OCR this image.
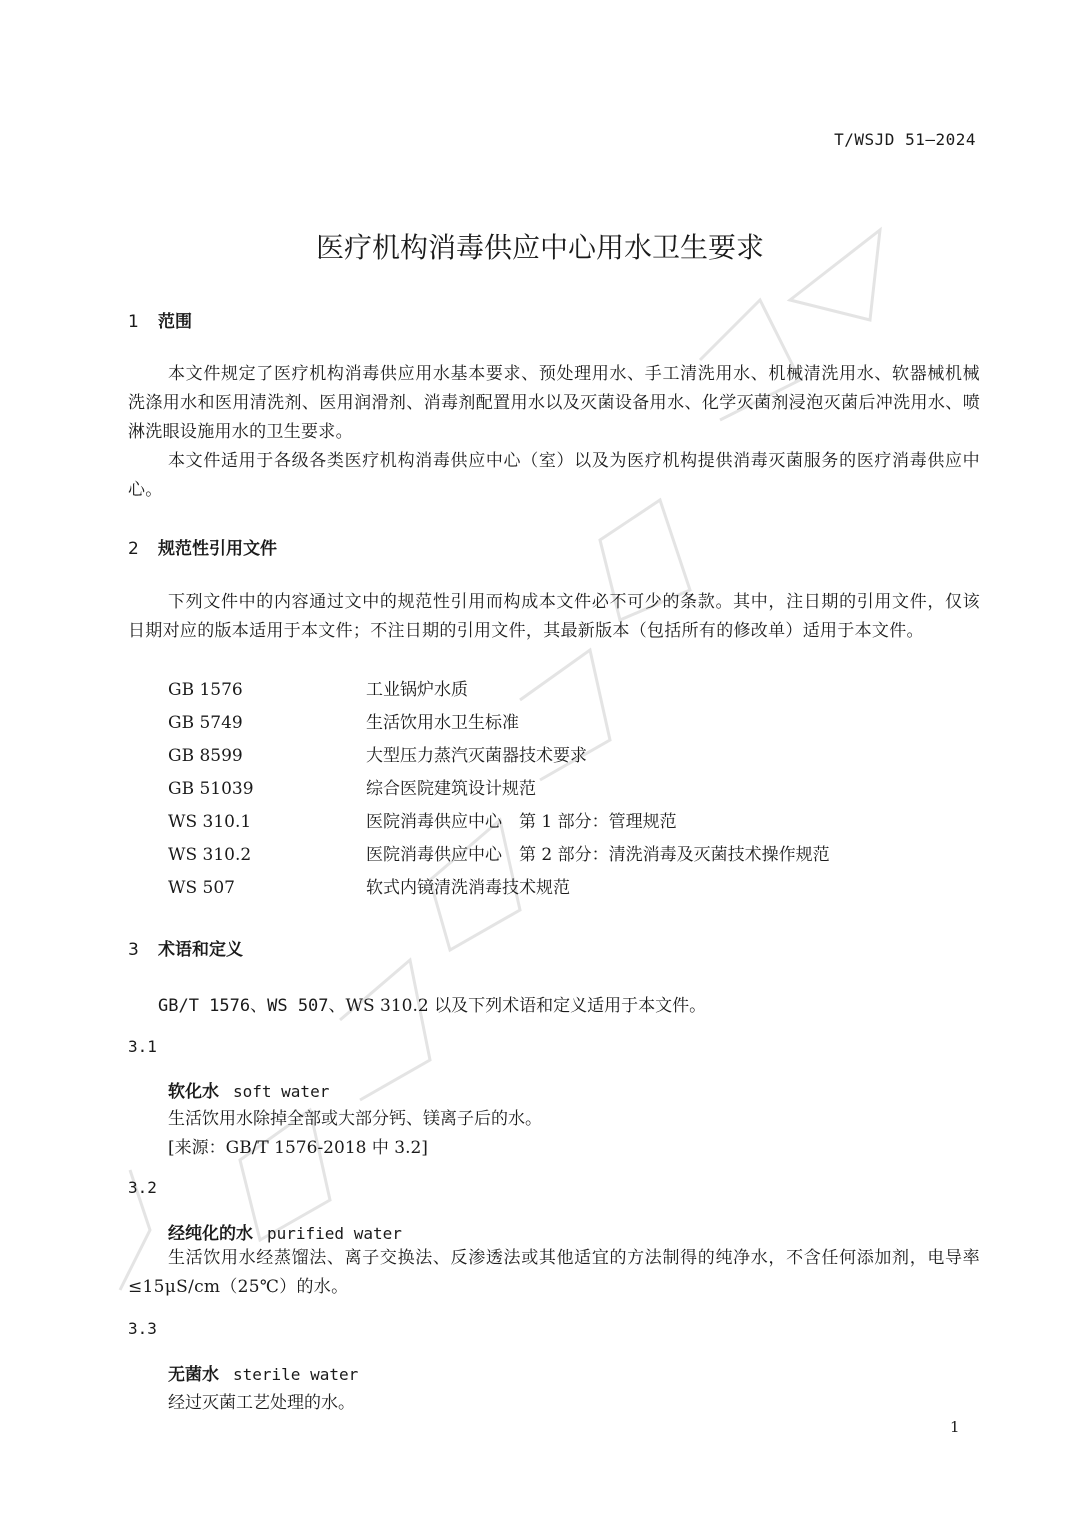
T/WSJD 51—2024
医疗机构消毒供应中心用水卫生要求
1 范围
本文件规定了医疗机构消毒供应用水基本要求、预处理用水、手工清洗用水、机械清洗用水、软器械机械洗涤用水和医用清洗剂、医用润滑剂、消毒剂配置用水以及灭菌设备用水、化学灭菌剂浸泡灭菌后冲洗用水、喷淋洗眼设施用水的卫生要求。
本文件适用于各级各类医疗机构消毒供应中心（室）以及为医疗机构提供消毒灭菌服务的医疗消毒供应中心。
2 规范性引用文件
下列文件中的内容通过文中的规范性引用而构成本文件必不可少的条款。其中，注日期的引用文件，仅该日期对应的版本适用于本文件；不注日期的引用文件，其最新版本（包括所有的修改单）适用于本文件。
GB 1576	工业锅炉水质
GB 5749	生活饮用水卫生标准
GB 8599	大型压力蒸汽灭菌器技术要求
GB 51039	综合医院建筑设计规范
WS 310.1	医院消毒供应中心　第 1 部分：管理规范
WS 310.2	医院消毒供应中心　第 2 部分：清洗消毒及灭菌技术操作规范
WS 507	软式内镜清洗消毒技术规范
3 术语和定义
GB/T 1576、WS 507、WS 310.2 以及下列术语和定义适用于本文件。
3.1
软化水 soft water
生活饮用水除掉全部或大部分钙、镁离子后的水。
[来源：GB/T 1576-2018 中 3.2]
3.2
经纯化的水 purified water
生活饮用水经蒸馏法、离子交换法、反渗透法或其他适宜的方法制得的纯净水，不含任何添加剂，电导率≤15μS/cm（25℃）的水。
3.3
无菌水 sterile water
经过灭菌工艺处理的水。
1
